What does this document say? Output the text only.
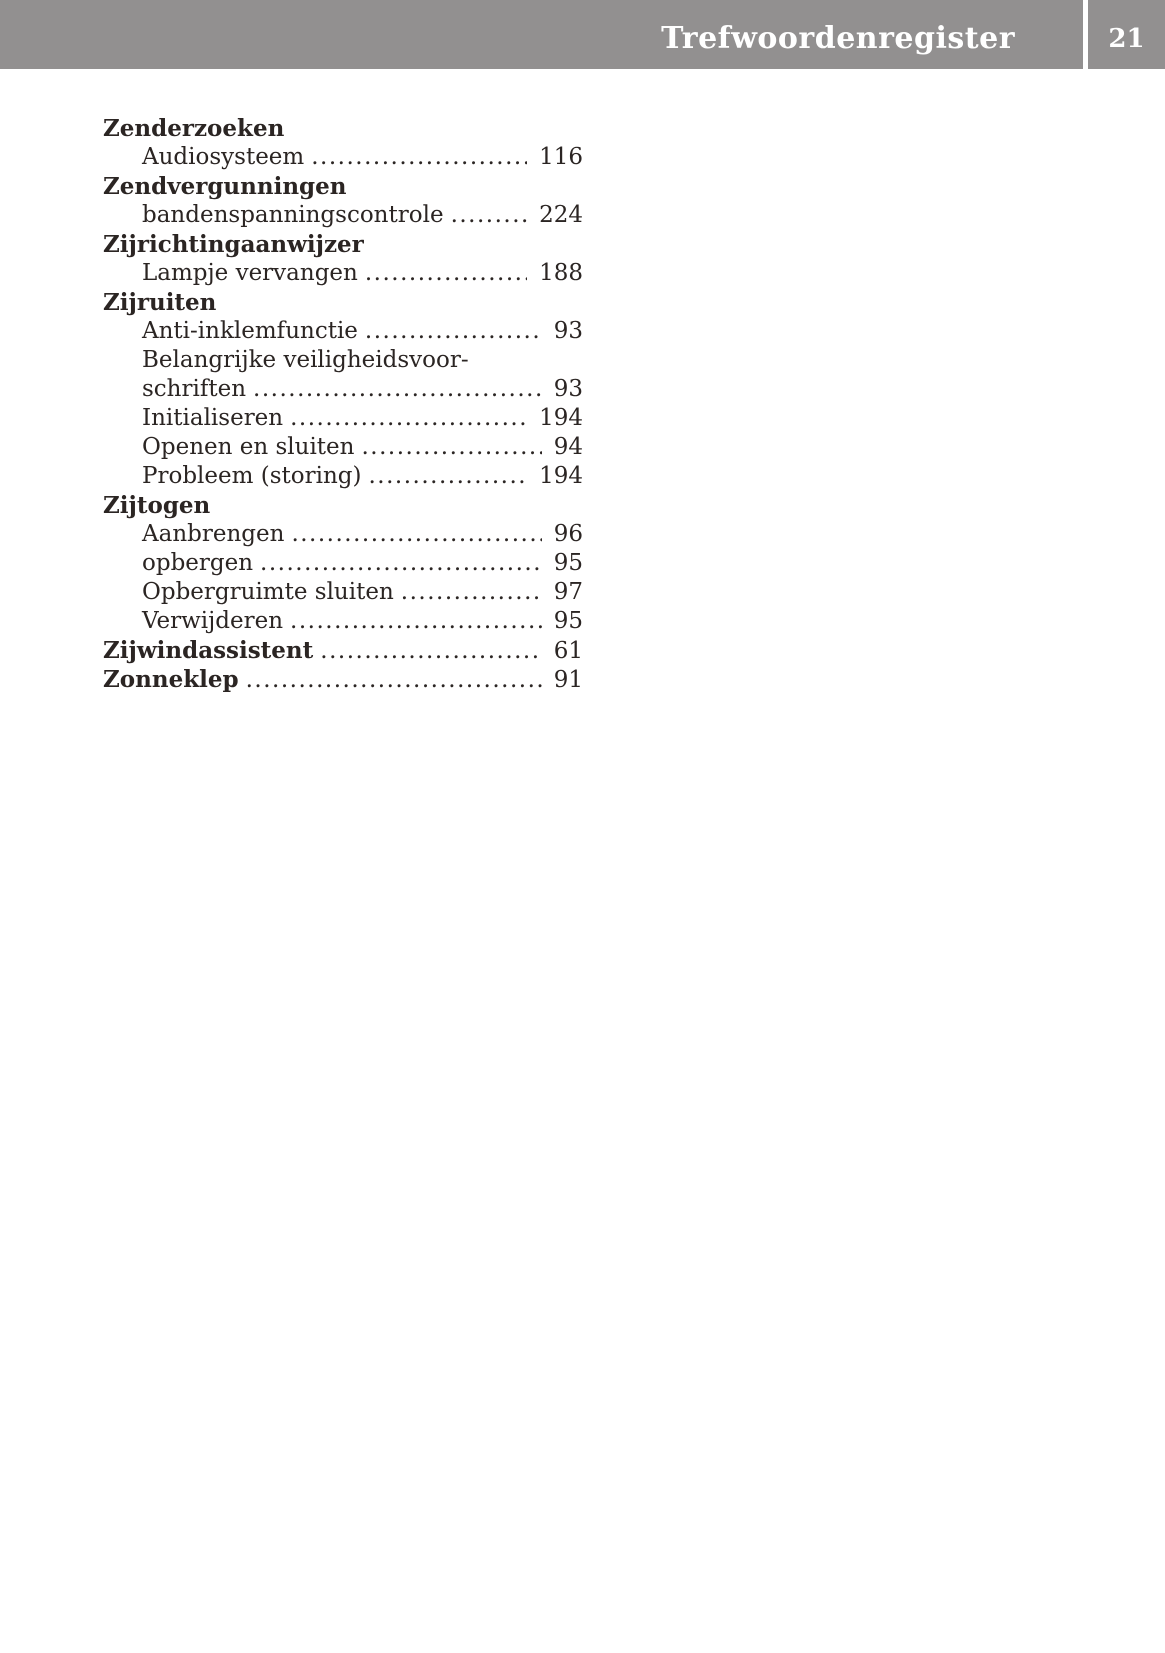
Trefwoordenregister	21
Zenderzoeken
Audiosysteem .....	116
Zendvergunningen
bandenspanningscontrole .....	224
Zijrichtingaanwijzer
Lampje vervangen .....	188
Zijruiten
Anti-inklemfunctie .....	93
Belangrijke veiligheidsvoor-
schriften .....	93
Initialiseren .....	194
Openen en sluiten .....	94
Probleem (storing) .....	194
Zijtogen
Aanbrengen .....	96
opbergen .....	95
Opbergruimte sluiten .....	97
Verwijderen .....	95
Zijwindassistent .....	61
Zonneklep .....	91
